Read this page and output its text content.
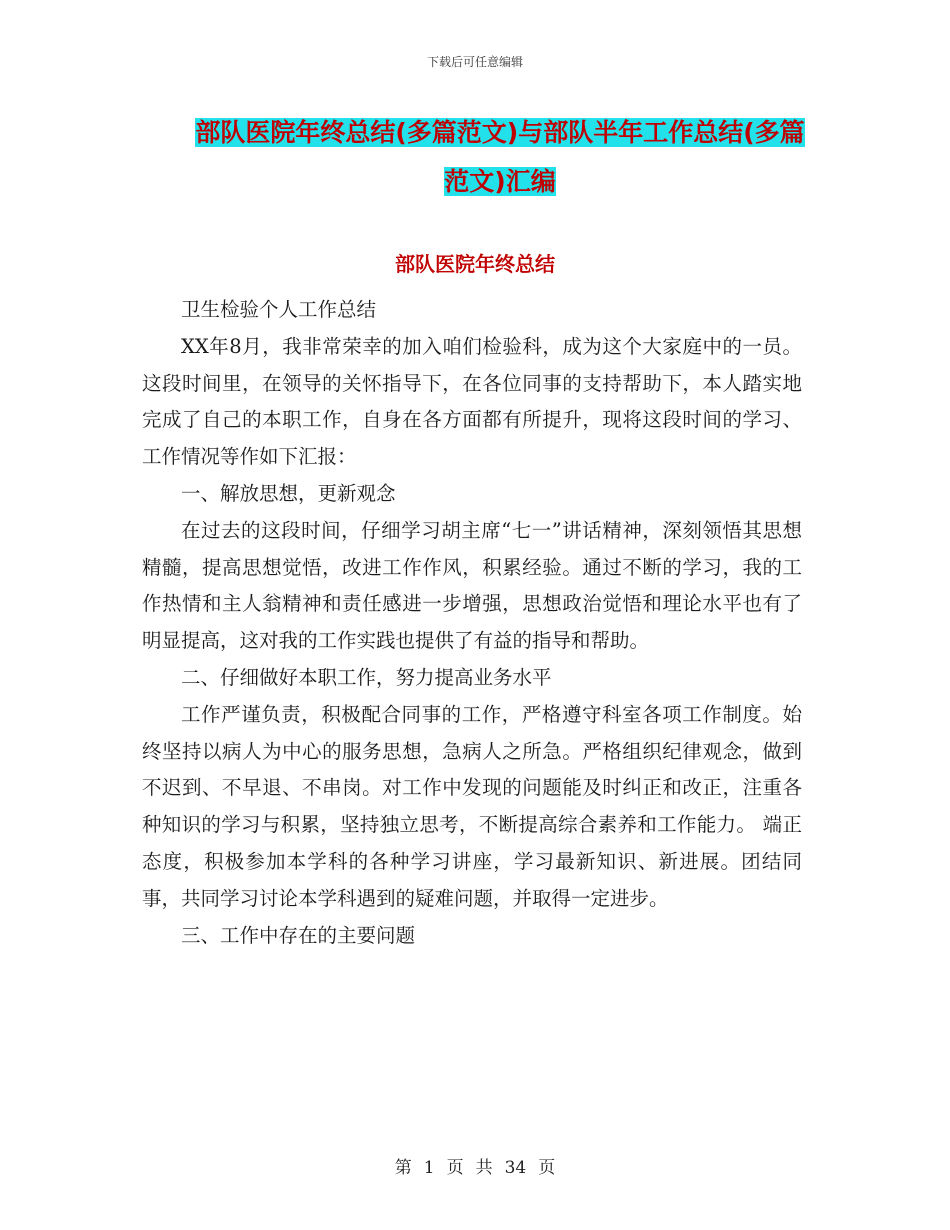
下载后可任意编辑
部队医院年终总结(多篇范文)与部队半年工作总结(多篇范文)汇编
部队医院年终总结

卫生检验个人工作总结

XX年8月，我非常荣幸的加入咱们检验科，成为这个大家庭中的一员。这段时间里，在领导的关怀指导下，在各位同事的支持帮助下，本人踏实地完成了自己的本职工作，自身在各方面都有所提升，现将这段时间的学习、工作情况等作如下汇报：

一、解放思想，更新观念

在过去的这段时间，仔细学习胡主席“七一”讲话精神，深刻领悟其思想精髓，提高思想觉悟，改进工作作风，积累经验。通过不断的学习，我的工作热情和主人翁精神和责任感进一步增强，思想政治觉悟和理论水平也有了明显提高，这对我的工作实践也提供了有益的指导和帮助。

二、仔细做好本职工作，努力提高业务水平

工作严谨负责，积极配合同事的工作，严格遵守科室各项工作制度。始终坚持以病人为中心的服务思想，急病人之所急。严格组织纪律观念，做到不迟到、不早退、不串岗。对工作中发现的问题能及时纠正和改正，注重各种知识的学习与积累，坚持独立思考，不断提高综合素养和工作能力。 端正态度，积极参加本学科的各种学习讲座，学习最新知识、新进展。团结同事，共同学习讨论本学科遇到的疑难问题，并取得一定进步。

三、工作中存在的主要问题

第 1 页 共 34 页
